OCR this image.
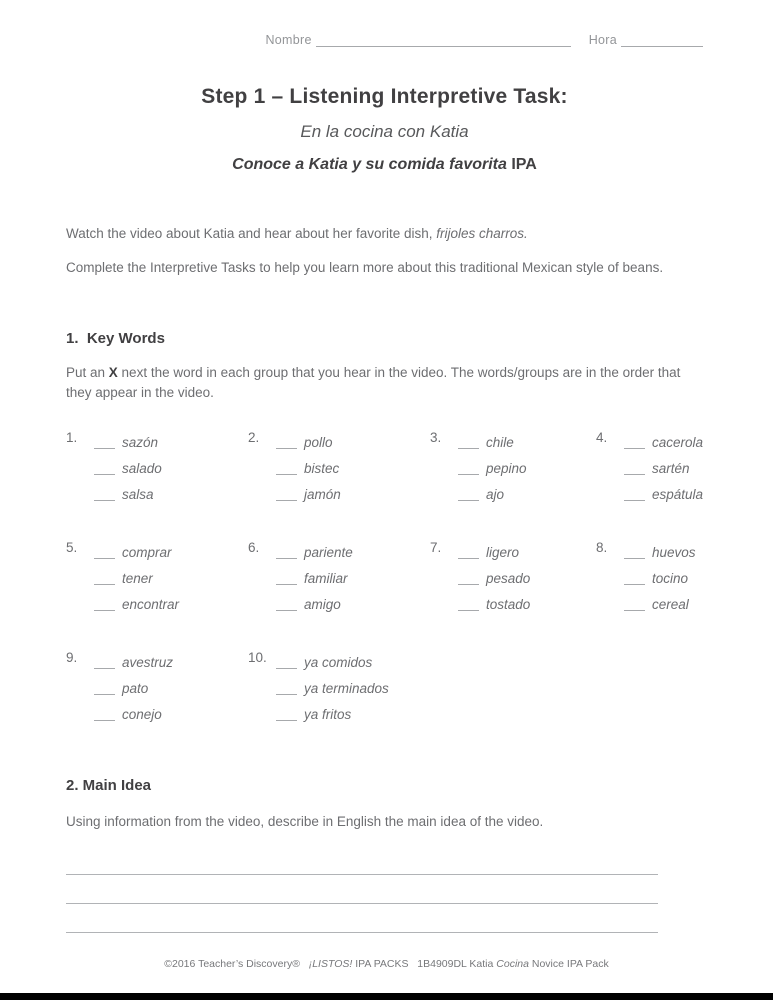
Nombre	Hora
Step 1 – Listening Interpretive Task:
En la cocina con Katia
Conoce a Katia y su comida favorita IPA
Watch the video about Katia and hear about her favorite dish, frijoles charros.
Complete the Interpretive Tasks to help you learn more about this traditional Mexican style of beans.
1.  Key Words
Put an X next the word in each group that you hear in the video. The words/groups are in the order that they appear in the video.
1.	sazón
salado
salsa
2.	pollo
bistec
jamón
3.	chile
pepino
ajo
4.	cacerola
sartén
espátula
5.	comprar
tener
encontrar
6.	pariente
familiar
amigo
7.	ligero
pesado
tostado
8.	huevos
tocino
cereal
9.	avestruz
pato
conejo
10.	ya comidos
ya terminados
ya fritos
2. Main Idea
Using information from the video, describe in English the main idea of the video.
©2016 Teacher’s Discovery®   ¡LISTOS! IPA PACKS   1B4909DL Katia Cocina Novice IPA Pack
